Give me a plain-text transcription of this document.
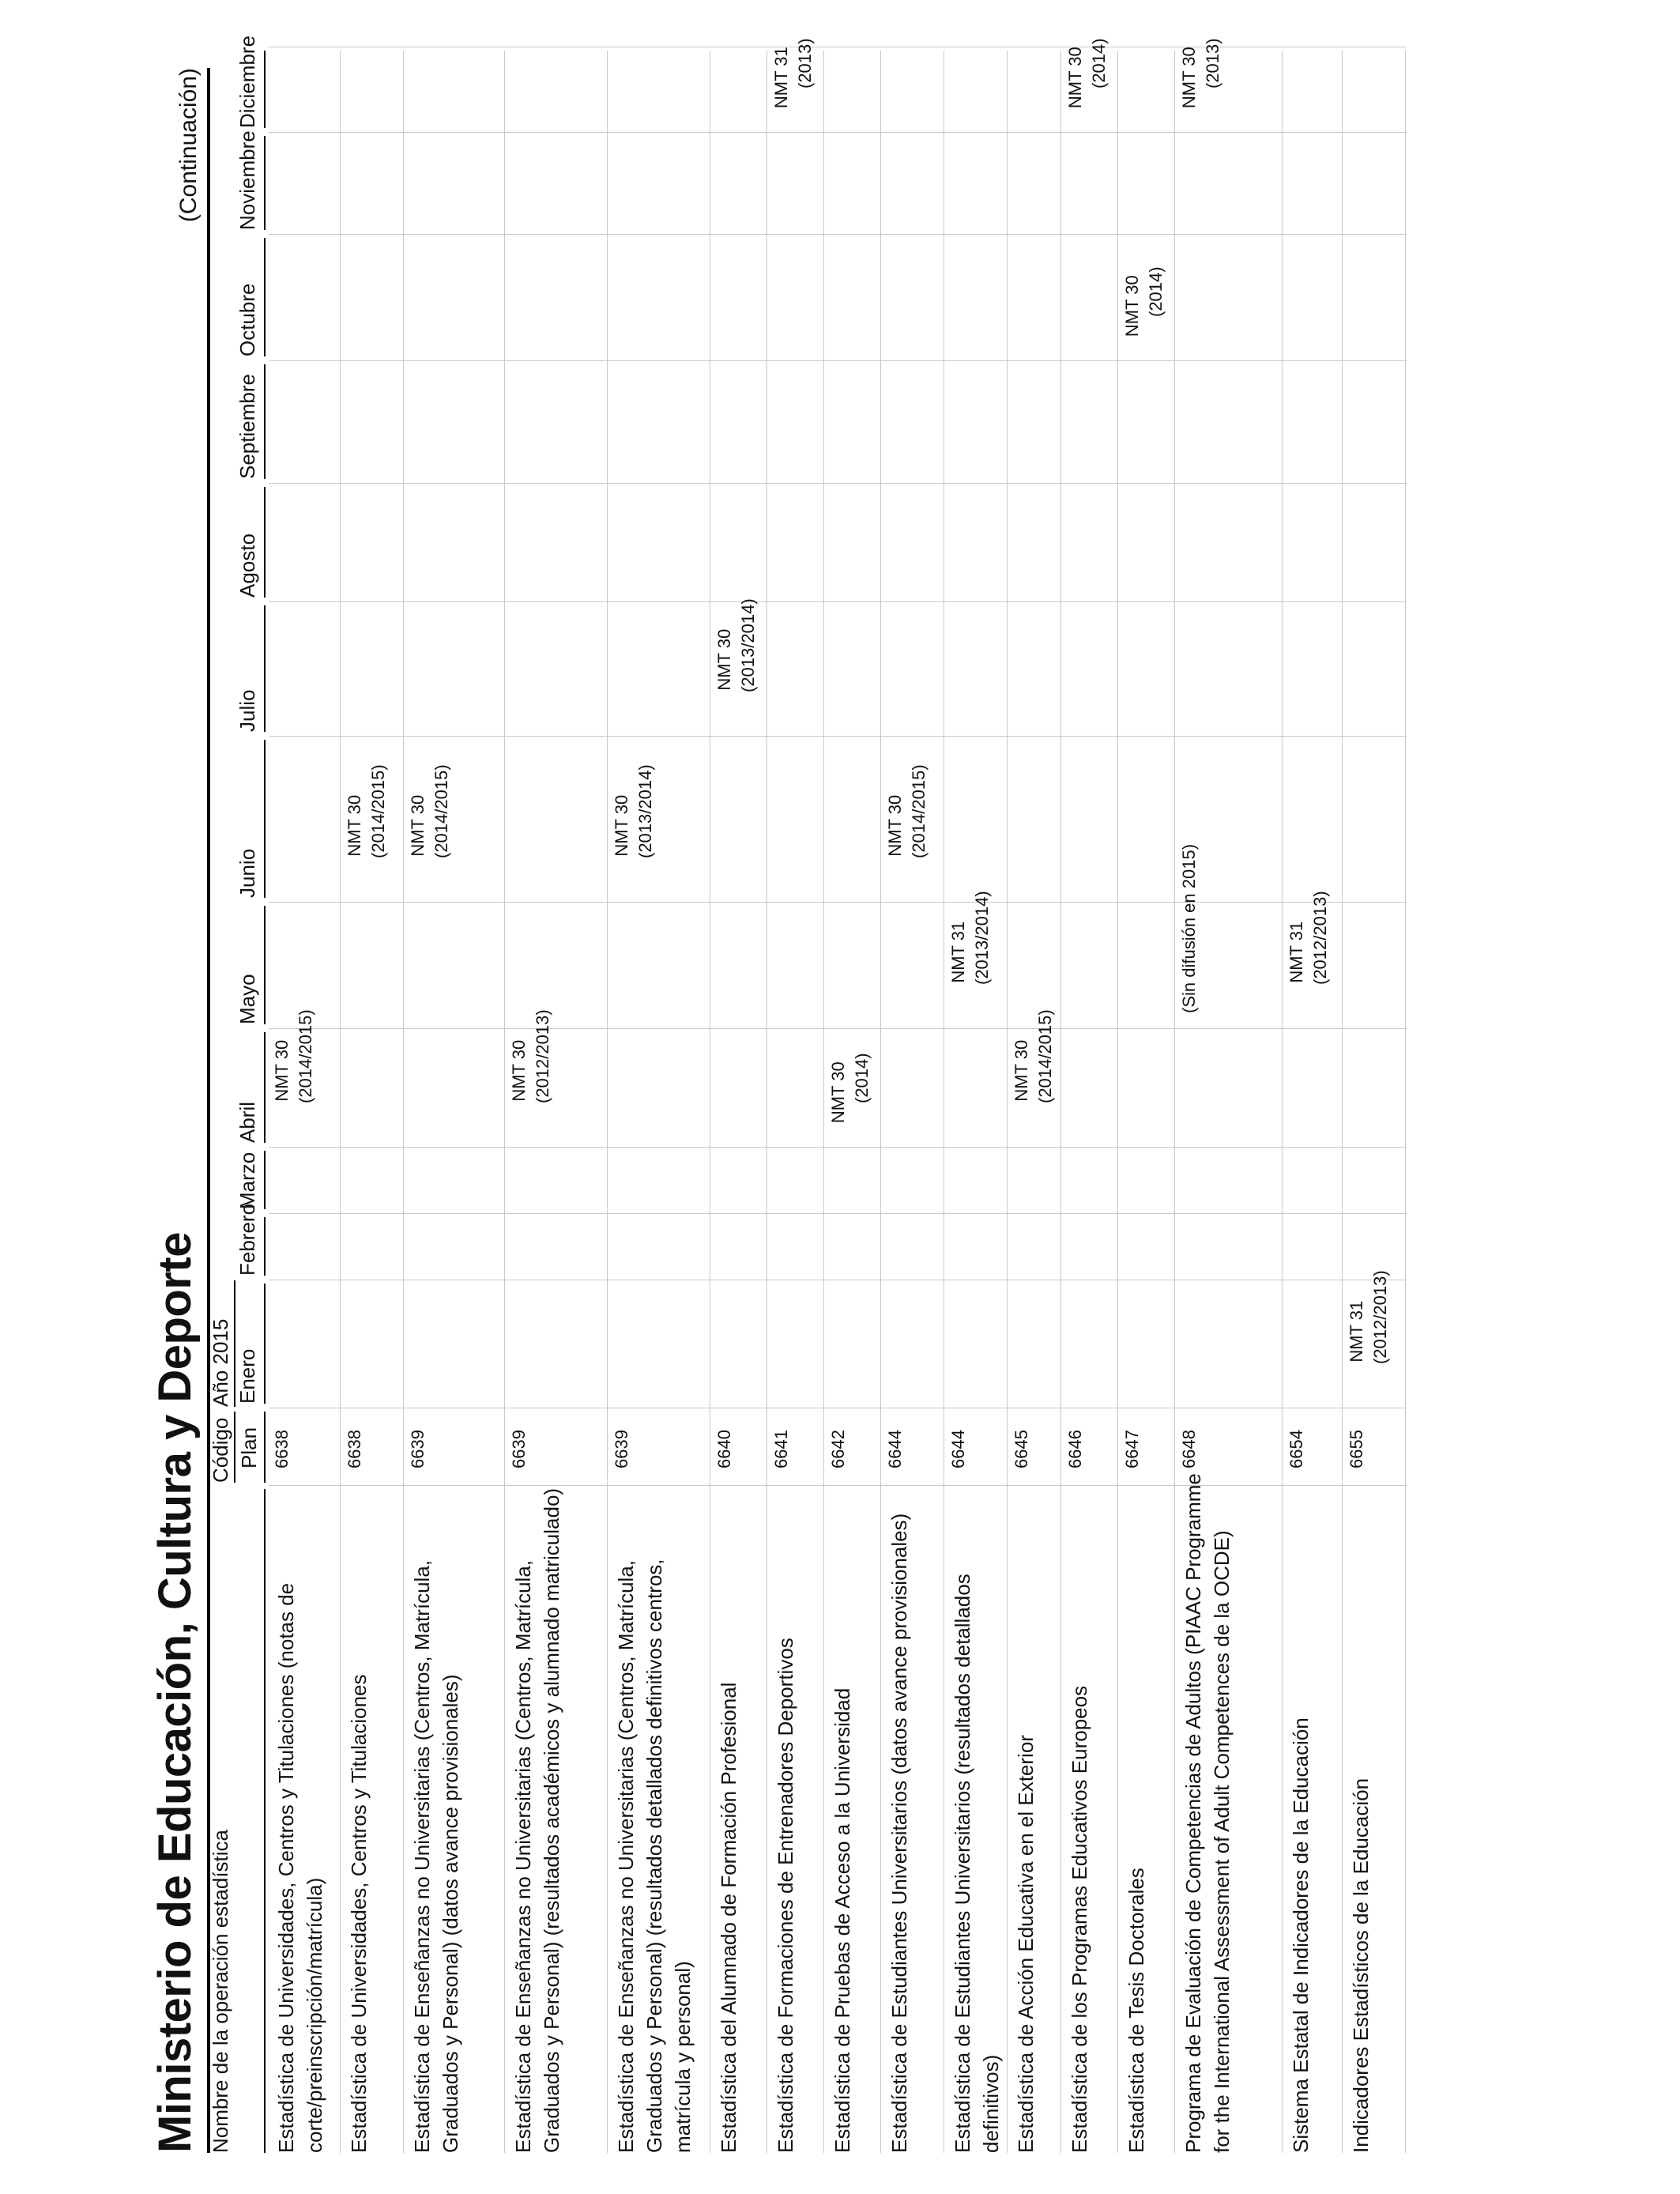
Ministerio de Educación, Cultura y Deporte
(Continuación)
Nombre de la operación estadística
Código Plan
Año 2015 Enero
Febrero
Marzo
Abril
Mayo
Junio
Julio
Agosto
Septiembre
Octubre
Noviembre
Diciembre
Estadística de Universidades, Centros y Titulaciones (notas de corte/preinscripción/matrícula)
6638
NMT 30 (2014/2015)
Estadística de Universidades, Centros y Titulaciones
6638
NMT 30 (2014/2015)
Estadística de Enseñanzas no Universitarias (Centros, Matrícula, Graduados y Personal) (datos avance provisionales)
6639
NMT 30 (2014/2015)
Estadística de Enseñanzas no Universitarias (Centros, Matrícula, Graduados y Personal) (resultados académicos y alumnado matriculado)
6639
NMT 30 (2012/2013)
Estadística de Enseñanzas no Universitarias (Centros, Matrícula, Graduados y Personal) (resultados detallados definitivos centros, matrícula y personal)
6639
NMT 30 (2013/2014)
Estadística del Alumnado de Formación Profesional
6640
NMT 30 (2013/2014)
Estadística de Formaciones de Entrenadores Deportivos
6641
NMT 31 (2013)
Estadística de Pruebas de Acceso a la Universidad
6642
NMT 30 (2014)
Estadística de Estudiantes Universitarios (datos avance provisionales)
6644
NMT 30 (2014/2015)
Estadística de Estudiantes Universitarios (resultados detallados definitivos)
6644
NMT 31 (2013/2014)
Estadística de Acción Educativa en el Exterior
6645
NMT 30 (2014/2015)
Estadística de los Programas Educativos Europeos
6646
NMT 30 (2014)
Estadística de Tesis Doctorales
6647
NMT 30 (2014)
Programa de Evaluación de Competencias de Adultos (PIAAC Programme for the International Assessment of Adult Competences de la OCDE)
6648
(Sin difusión en 2015)
NMT 30 (2013)
Sistema Estatal de Indicadores de la Educación
6654
NMT 31 (2012/2013)
Indicadores Estadísticos de la Educación
6655
NMT 31 (2012/2013)
